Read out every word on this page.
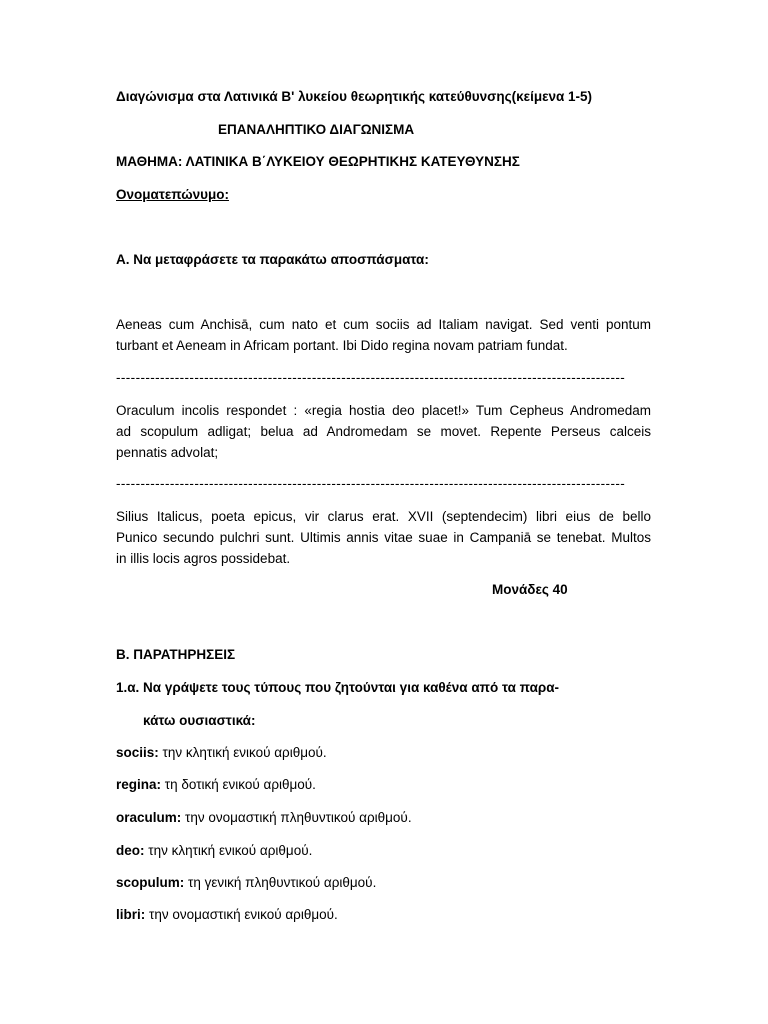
Διαγώνισμα στα Λατινικά Β' λυκείου θεωρητικής κατεύθυνσης(κείμενα 1-5)
ΕΠΑΝΑΛΗΠΤΙΚΟ ΔΙΑΓΩΝΙΣΜΑ
ΜΑΘΗΜΑ: ΛΑΤΙΝΙΚΑ Β΄ΛΥΚΕΙΟΥ ΘΕΩΡΗΤΙΚΗΣ ΚΑΤΕΥΘΥΝΣΗΣ
Ονοματεπώνυμο:
Α. Να μεταφράσετε τα παρακάτω αποσπάσματα:
Aeneas cum Anchisā, cum nato et cum sociis ad Italiam navigat. Sed venti pontum
turbant et Aeneam in Africam portant. Ibi Dido regina novam patriam fundat.
--------------------------------------------------------------------------------------------------------
Oraculum incolis respondet : «regia hostia deo placet!» Tum Cepheus Andromedam
ad scopulum adligat; belua ad Andromedam se movet. Repente Perseus calceis
pennatis advolat;
--------------------------------------------------------------------------------------------------------
Silius Italicus, poeta epicus, vir clarus erat. XVII (septendecim) libri eius de bello
Punico secundo pulchri sunt. Ultimis annis vitae suae in Campaniā se tenebat. Multos
in illis locis agros possidebat.
Μονάδες 40
Β. ΠΑΡΑΤΗΡΗΣΕΙΣ
1.α. Να γράψετε τους τύπους που ζητούνται για καθένα από τα παρα-
κάτω ουσιαστικά:
sociis: την κλητική ενικού αριθμού.
regina: τη δοτική ενικού αριθμού.
oraculum: την ονομαστική πληθυντικού αριθμού.
deo: την κλητική ενικού αριθμού.
scopulum: τη γενική πληθυντικού αριθμού.
libri: την ονομαστική ενικού αριθμού.
